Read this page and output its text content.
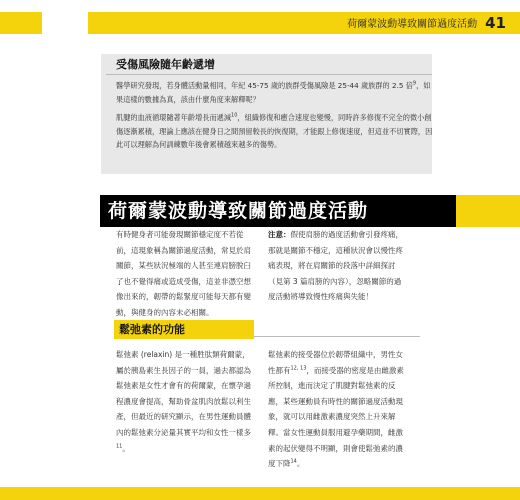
荷爾蒙波動導致關節過度活動 41
受傷風險隨年齡遞增

醫學研究發現，若身體活動量相同，年紀 45-75 歲的族群受傷風險是 25-44 歲族群的 2.5 倍$^9$，如果這樣的數據為真，該由什麼角度來解釋呢？

肌腱的血液循環隨著年齡增長而遞減$^{10}$，組織修復和癒合速度也變慢，同時許多修復不完全的微小創傷逐漸累積，理論上應該在健身日之間預留較長的恢復期，才能跟上修復速度，但這並不切實際，因此可以理解為何訓練數年後會累積越來越多的傷勢。

荷爾蒙波動導致關節過度活動

有時健身者可能發現關節穩定度不若從前，這現象稱為關節過度活動，常見於肩關節，某些狀況極端的人甚至連肩膀脫臼了也不覺得痛或造成受傷，這並非憑空想像出來的，韌帶的鬆緊度可能每天都有變動，與健身的內容未必相關。

注意：假使肩膀的過度活動會引發疼痛，那就是關節不穩定，這種狀況會以慢性疼痛表現，將在肩關節的段落中詳細探討（見第 3 篇肩膀的內容），忽略關節的過度活動將導致慢性疼痛與失能！

鬆弛素的功能

鬆弛素 (relaxin) 是一種胜肽類荷爾蒙，屬於胰島素生長因子的一員，過去都認為鬆弛素是女性才會有的荷爾蒙，在懷孕過程濃度會提高，幫助骨盆肌肉放鬆以利生產，但最近的研究顯示，在男性運動員體內的鬆弛素分泌量其實平均和女性一樣多$^{11}$。

鬆弛素的接受器位於韌帶組織中，男性女性都有$^{12, 13}$，而接受器的密度是由雌激素所控制，進而決定了肌腱對鬆弛素的反應，某些運動員有時性的關節過度活動現象，就可以用雌激素濃度突然上升來解釋。當女性運動員服用避孕藥期間，雌激素的起伏變得不明顯，則會使鬆弛素的濃度下降$^{14}$。
